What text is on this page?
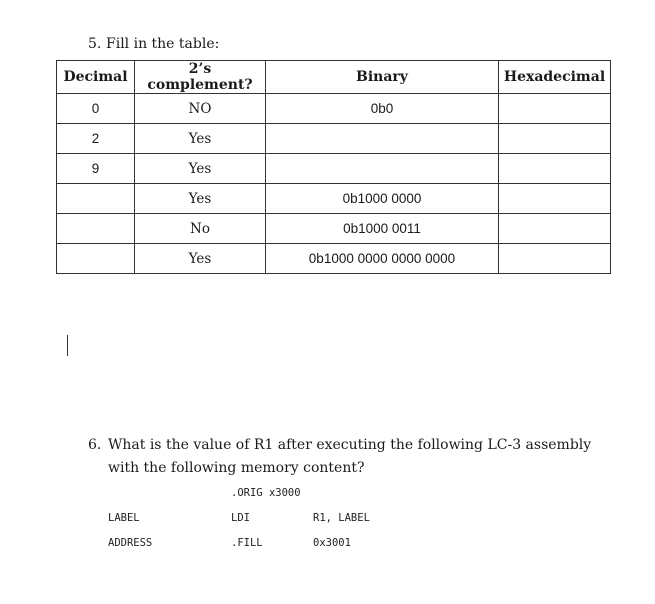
5. Fill in the table:
Decimal	2’s complement?	Binary	Hexadecimal
0	NO	0b0	
2	Yes		
9	Yes		
	Yes	0b1000 0000	
	No	0b1000 0011	
	Yes	0b1000 0000 0000 0000	
6. What is the value of R1 after executing the following LC-3 assembly
with the following memory content?
.ORIG x3000
LABEL	LDI	R1, LABEL
ADDRESS	.FILL	0x3001
